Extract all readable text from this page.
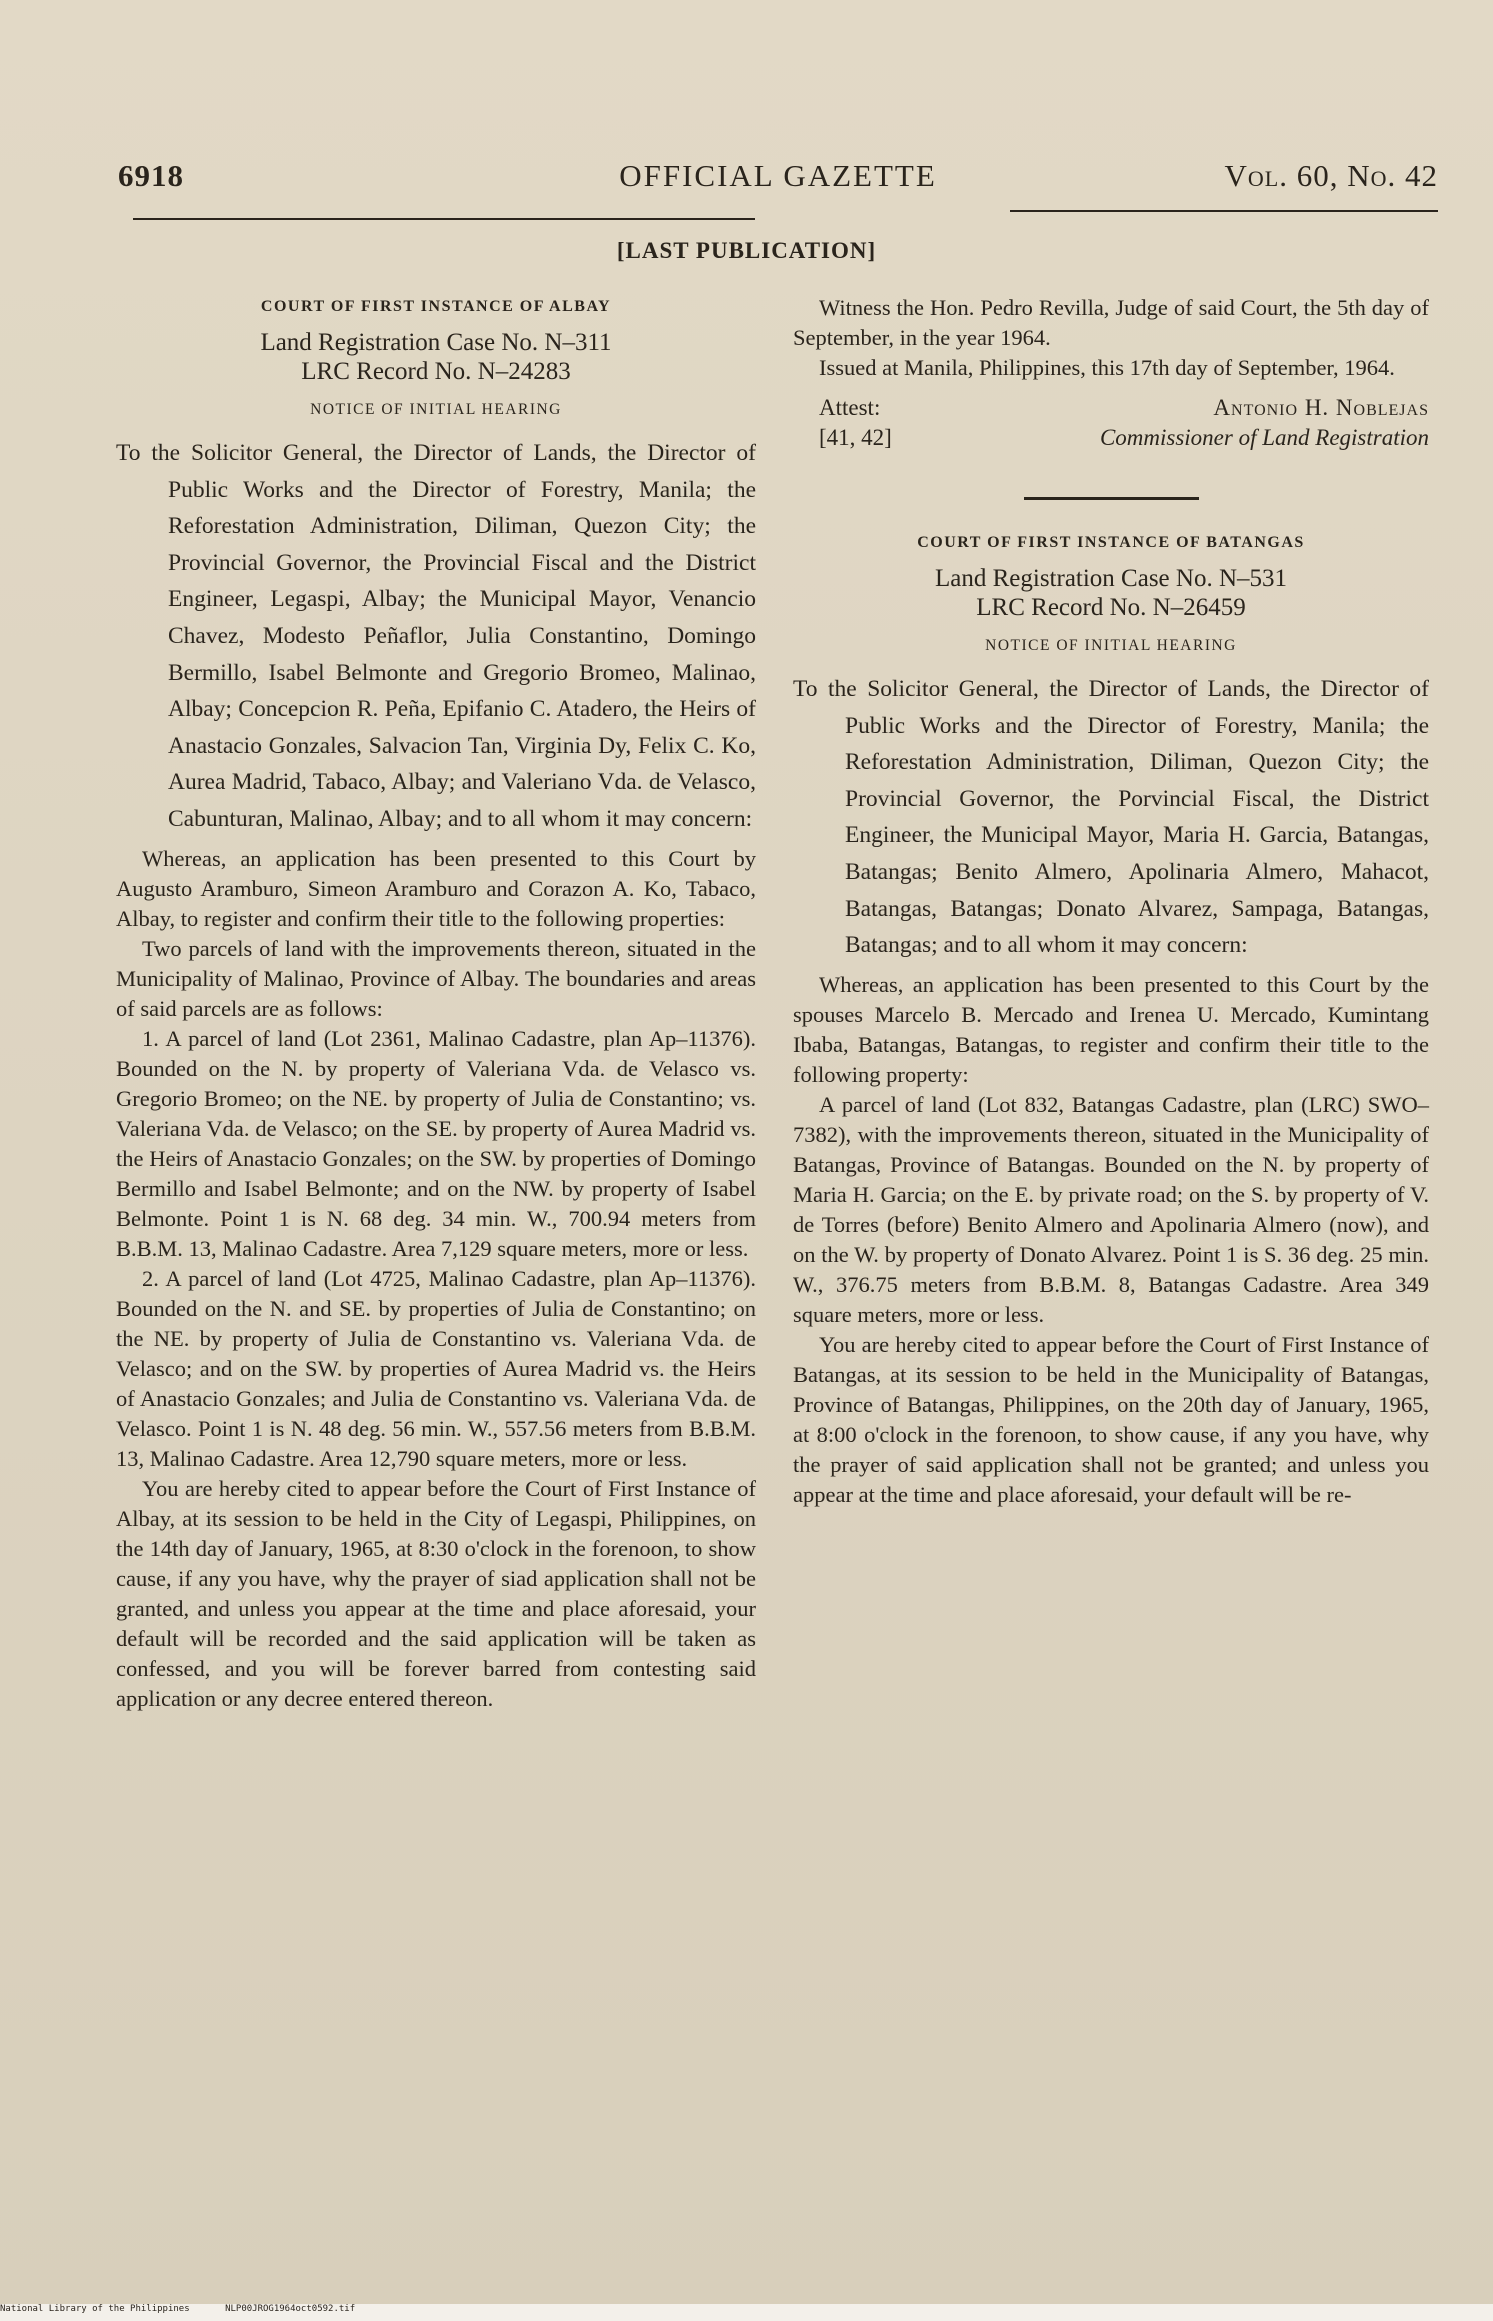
6918	OFFICIAL GAZETTE	Vol. 60, No. 42
[LAST PUBLICATION]
COURT OF FIRST INSTANCE OF ALBAY
Land Registration Case No. N–311
LRC Record No. N–24283
NOTICE OF INITIAL HEARING

To the Solicitor General, the Director of Lands, the Director of Public Works and the Director of Forestry, Manila; the Reforestation Administration, Diliman, Quezon City; the Provincial Governor, the Provincial Fiscal and the District Engineer, Legaspi, Albay; the Municipal Mayor, Venancio Chavez, Modesto Peñaflor, Julia Constantino, Domingo Bermillo, Isabel Belmonte and Gregorio Bromeo, Malinao, Albay; Concepcion R. Peña, Epifanio C. Atadero, the Heirs of Anastacio Gonzales, Salvacion Tan, Virginia Dy, Felix C. Ko, Aurea Madrid, Tabaco, Albay; and Valeriano Vda. de Velasco, Cabunturan, Malinao, Albay; and to all whom it may concern:

Whereas, an application has been presented to this Court by Augusto Aramburo, Simeon Aramburo and Corazon A. Ko, Tabaco, Albay, to register and confirm their title to the following properties:

Two parcels of land with the improvements thereon, situated in the Municipality of Malinao, Province of Albay. The boundaries and areas of said parcels are as follows:

1. A parcel of land (Lot 2361, Malinao Cadastre, plan Ap–11376). Bounded on the N. by property of Valeriana Vda. de Velasco vs. Gregorio Bromeo; on the NE. by property of Julia de Constantino; vs. Valeriana Vda. de Velasco; on the SE. by property of Aurea Madrid vs. the Heirs of Anastacio Gonzales; on the SW. by properties of Domingo Bermillo and Isabel Belmonte; and on the NW. by property of Isabel Belmonte. Point 1 is N. 68 deg. 34 min. W., 700.94 meters from B.B.M. 13, Malinao Cadastre. Area 7,129 square meters, more or less.

2. A parcel of land (Lot 4725, Malinao Cadastre, plan Ap–11376). Bounded on the N. and SE. by properties of Julia de Constantino; on the NE. by property of Julia de Constantino vs. Valeriana Vda. de Velasco; and on the SW. by properties of Aurea Madrid vs. the Heirs of Anastacio Gonzales; and Julia de Constantino vs. Valeriana Vda. de Velasco. Point 1 is N. 48 deg. 56 min. W., 557.56 meters from B.B.M. 13, Malinao Cadastre. Area 12,790 square meters, more or less.

You are hereby cited to appear before the Court of First Instance of Albay, at its session to be held in the City of Legaspi, Philippines, on the 14th day of January, 1965, at 8:30 o'clock in the forenoon, to show cause, if any you have, why the prayer of siad application shall not be granted, and unless you appear at the time and place aforesaid, your default will be recorded and the said application will be taken as confessed, and you will be forever barred from contesting said application or any decree entered thereon.

Witness the Hon. Pedro Revilla, Judge of said Court, the 5th day of September, in the year 1964.

Issued at Manila, Philippines, this 17th day of September, 1964.

Attest:
[41, 42]
Antonio H. Noblejas
Commissioner of Land Registration
COURT OF FIRST INSTANCE OF BATANGAS
Land Registration Case No. N–531
LRC Record No. N–26459
NOTICE OF INITIAL HEARING

To the Solicitor General, the Director of Lands, the Director of Public Works and the Director of Forestry, Manila; the Reforestation Administration, Diliman, Quezon City; the Provincial Governor, the Porvincial Fiscal, the District Engineer, the Municipal Mayor, Maria H. Garcia, Batangas, Batangas; Benito Almero, Apolinaria Almero, Mahacot, Batangas, Batangas; Donato Alvarez, Sampaga, Batangas, Batangas; and to all whom it may concern:

Whereas, an application has been presented to this Court by the spouses Marcelo B. Mercado and Irenea U. Mercado, Kumintang Ibaba, Batangas, Batangas, to register and confirm their title to the following property:

A parcel of land (Lot 832, Batangas Cadastre, plan (LRC) SWO–7382), with the improvements thereon, situated in the Municipality of Batangas, Province of Batangas. Bounded on the N. by property of Maria H. Garcia; on the E. by private road; on the S. by property of V. de Torres (before) Benito Almero and Apolinaria Almero (now), and on the W. by property of Donato Alvarez. Point 1 is S. 36 deg. 25 min. W., 376.75 meters from B.B.M. 8, Batangas Cadastre. Area 349 square meters, more or less.

You are hereby cited to appear before the Court of First Instance of Batangas, at its session to be held in the Municipality of Batangas, Province of Batangas, Philippines, on the 20th day of January, 1965, at 8:00 o'clock in the forenoon, to show cause, if any you have, why the prayer of said application shall not be granted; and unless you appear at the time and place aforesaid, your default will be re-

National Library of the Philippines	NLP00JROG1964oct0592.tif
